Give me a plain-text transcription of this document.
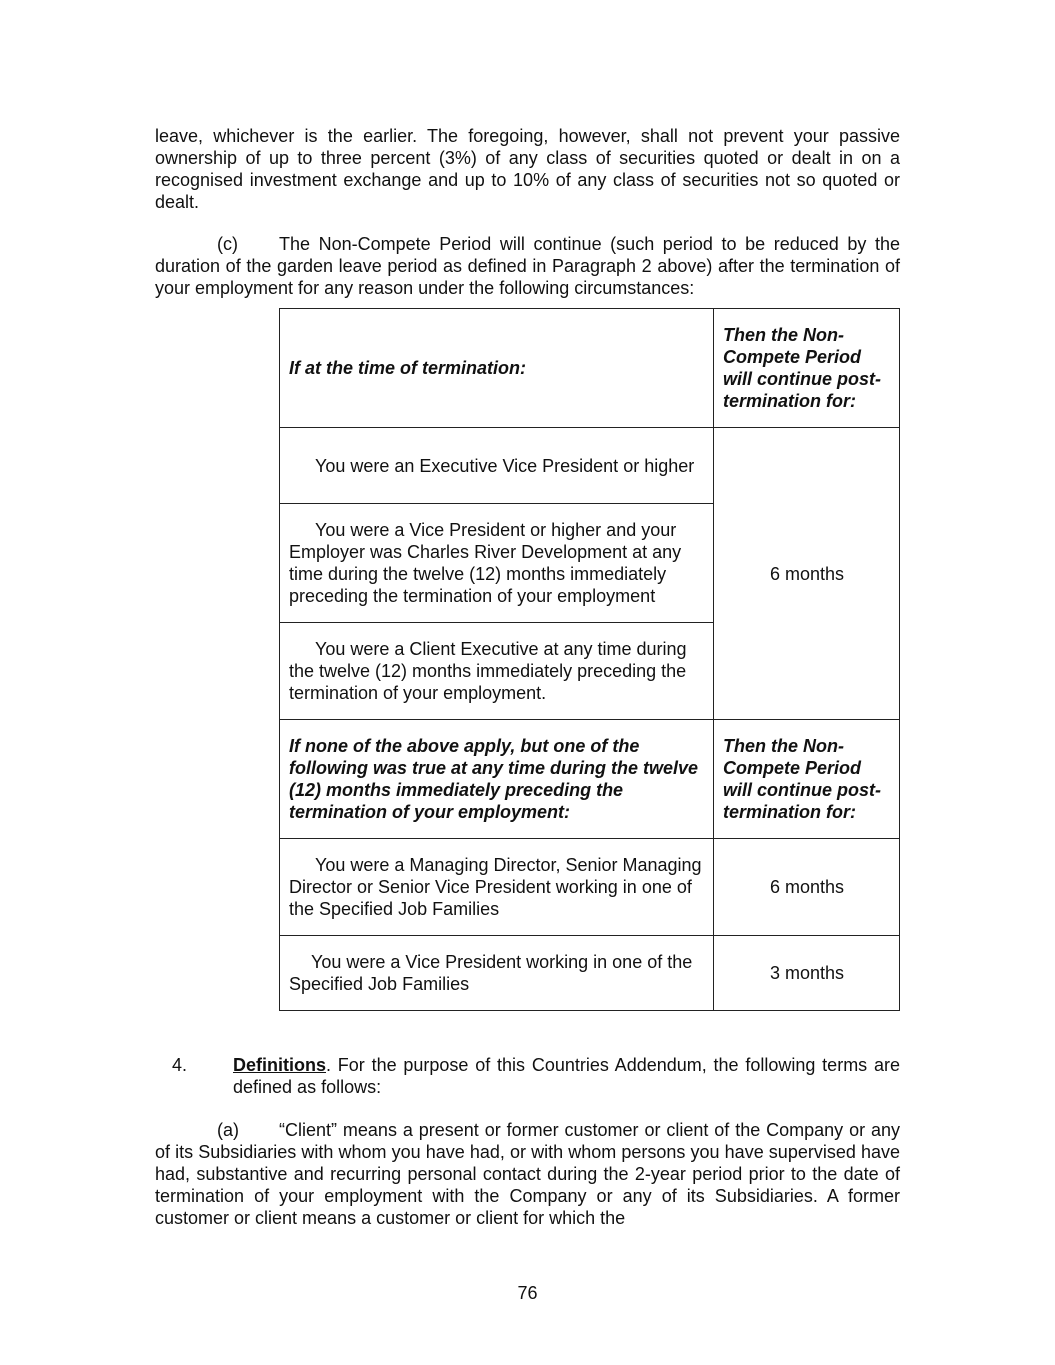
leave, whichever is the earlier. The foregoing, however, shall not prevent your passive ownership of up to three percent (3%) of any class of securities quoted or dealt in on a recognised investment exchange and up to 10% of any class of securities not so quoted or dealt.

(c) The Non-Compete Period will continue (such period to be reduced by the duration of the garden leave period as defined in Paragraph 2 above) after the termination of your employment for any reason under the following circumstances:

If at the time of termination:	Then the Non-Compete Period will continue post-termination for:
You were an Executive Vice President or higher	6 months
You were a Vice President or higher and your Employer was Charles River Development at any time during the twelve (12) months immediately preceding the termination of your employment	
You were a Client Executive at any time during the twelve (12) months immediately preceding the termination of your employment.	
If none of the above apply, but one of the following was true at any time during the twelve (12) months immediately preceding the termination of your employment:	Then the Non-Compete Period will continue post-termination for:
You were a Managing Director, Senior Managing Director or Senior Vice President working in one of the Specified Job Families	6 months
You were a Vice President working in one of the Specified Job Families	3 months
4.	Definitions. For the purpose of this Countries Addendum, the following terms are defined as follows:

(a) “Client” means a present or former customer or client of the Company or any of its Subsidiaries with whom you have had, or with whom persons you have supervised have had, substantive and recurring personal contact during the 2-year period prior to the date of termination of your employment with the Company or any of its Subsidiaries. A former customer or client means a customer or client for which the

76
